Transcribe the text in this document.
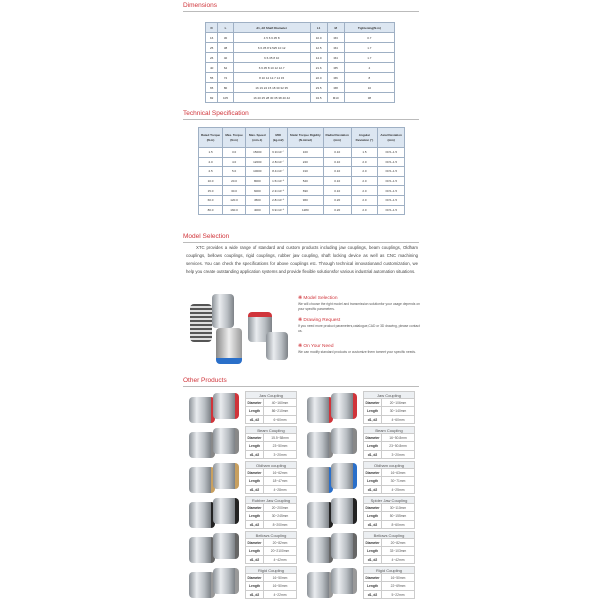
Dimensions
D	L	d1, d2 Shaft Diameter	L1	M	Tightening(N.m)
16	30	4 5 6 6.35 8	10.0	M3	0.7
25	38	6 6.35 8 9.525 10 12	12.5	M4	1.7
26	40	6 6.35 8 10	14.0	M4	1.7
40	62	6 6.35 8 10 12 12.7	21.6	M5	4
55	72	8 10 12 12.7 14 15	22.0	M6	8
65	80	16 19 24 15 18 30 32 35	23.5	M8	10
82	105	16 20 25 28 30 35 38 40 42	34.5	M10	38
Technical Specification
Rated Torque (N.m)	Max. Torque (N.m)	Max. Speed (min-1)	MOI (kg.m2)	Static Torque Rigidity (N.m/rad)	Radial Deviation (mm)	Angular Deviation (°)	Axial Deviation (mm)
1.5	3.0	15000	6.9×10⁻⁷	100	0.10	1.5	±0.5~1.5
2.0	4.0	12000	2.8×10⁻⁷	220	0.10	2.0	±0.5~1.5
2.5	5.0	10000	8.4×10⁻⁷	310	0.10	2.0	±0.5~1.5
10.0	20.0	8000	1.5×10⁻⁶	520	0.10	2.0	±0.5~1.5
15.0	30.0	6000	2.3×10⁻⁶	690	0.10	2.0	±0.5~1.5
60.0	120.0	4500	2.8×10⁻⁶	960	0.20	2.0	±0.5~1.5
80.0	160.0	4000	6.9×10⁻⁶	1280	0.20	2.0	±0.5~1.5
Model Selection

XTC provides a wide range of standard and custom products including jaw couplings, beam couplings, Oldham couplings, bellows couplings, rigid couplings, rubber jaw coupling, shaft locking device as well as CNC machining services. You can check the specifications for above couplings etc. Through technical innovationand customization, we help you create outstanding application systems and provide flexible solutionsfor various industrial automation situations.

❋ Model Selection
We will choose the right model and transmission solutionfor your usage depends on your specific parameters.
❋ Drawing Request
If you need more product parameters,catalogue,CAD or 3D drawing, please contact us.
❋ On Your Need
We can modify standard products or customize them tomeet your specific needs.
Other Products
Jaw Coupling
Diameter	40~160mm
Length	86~210mm
d1, d2	6~60mm
Jaw Coupling
Diameter	20~106mm
Length	30~140mm
d1, d2	4~60mm
Beam Coupling
Diameter	15.5~58mm
Length	23~50mm
d1, d2	3~20mm
Beam Coupling
Diameter	16~50.8mm
Length	23~50.8mm
d1, d2	3~20mm
Oldham coupling
Diameter	16~62mm
Length	18~47mm
d1, d2	4~28mm
Oldham coupling
Diameter	16~63mm
Length	30~71mm
d1, d2	4~25mm
Rubber Jaw Coupling
Diameter	20~200mm
Length	30~245mm
d1, d2	8~200mm
Spider Jaw Coupling
Diameter	30~110mm
Length	50~155mm
d1, d2	8~60mm
Bellows Coupling
Diameter	20~82mm
Length	20~2100mm
d1, d2	4~42mm
Bellows Coupling
Diameter	20~82mm
Length	33~103mm
d1, d2	4~42mm
Rigid Coupling
Diameter	16~50mm
Length	16~50mm
d1, d2	4~22mm
Rigid Coupling
Diameter	16~50mm
Length	22~69mm
d1, d2	5~22mm
